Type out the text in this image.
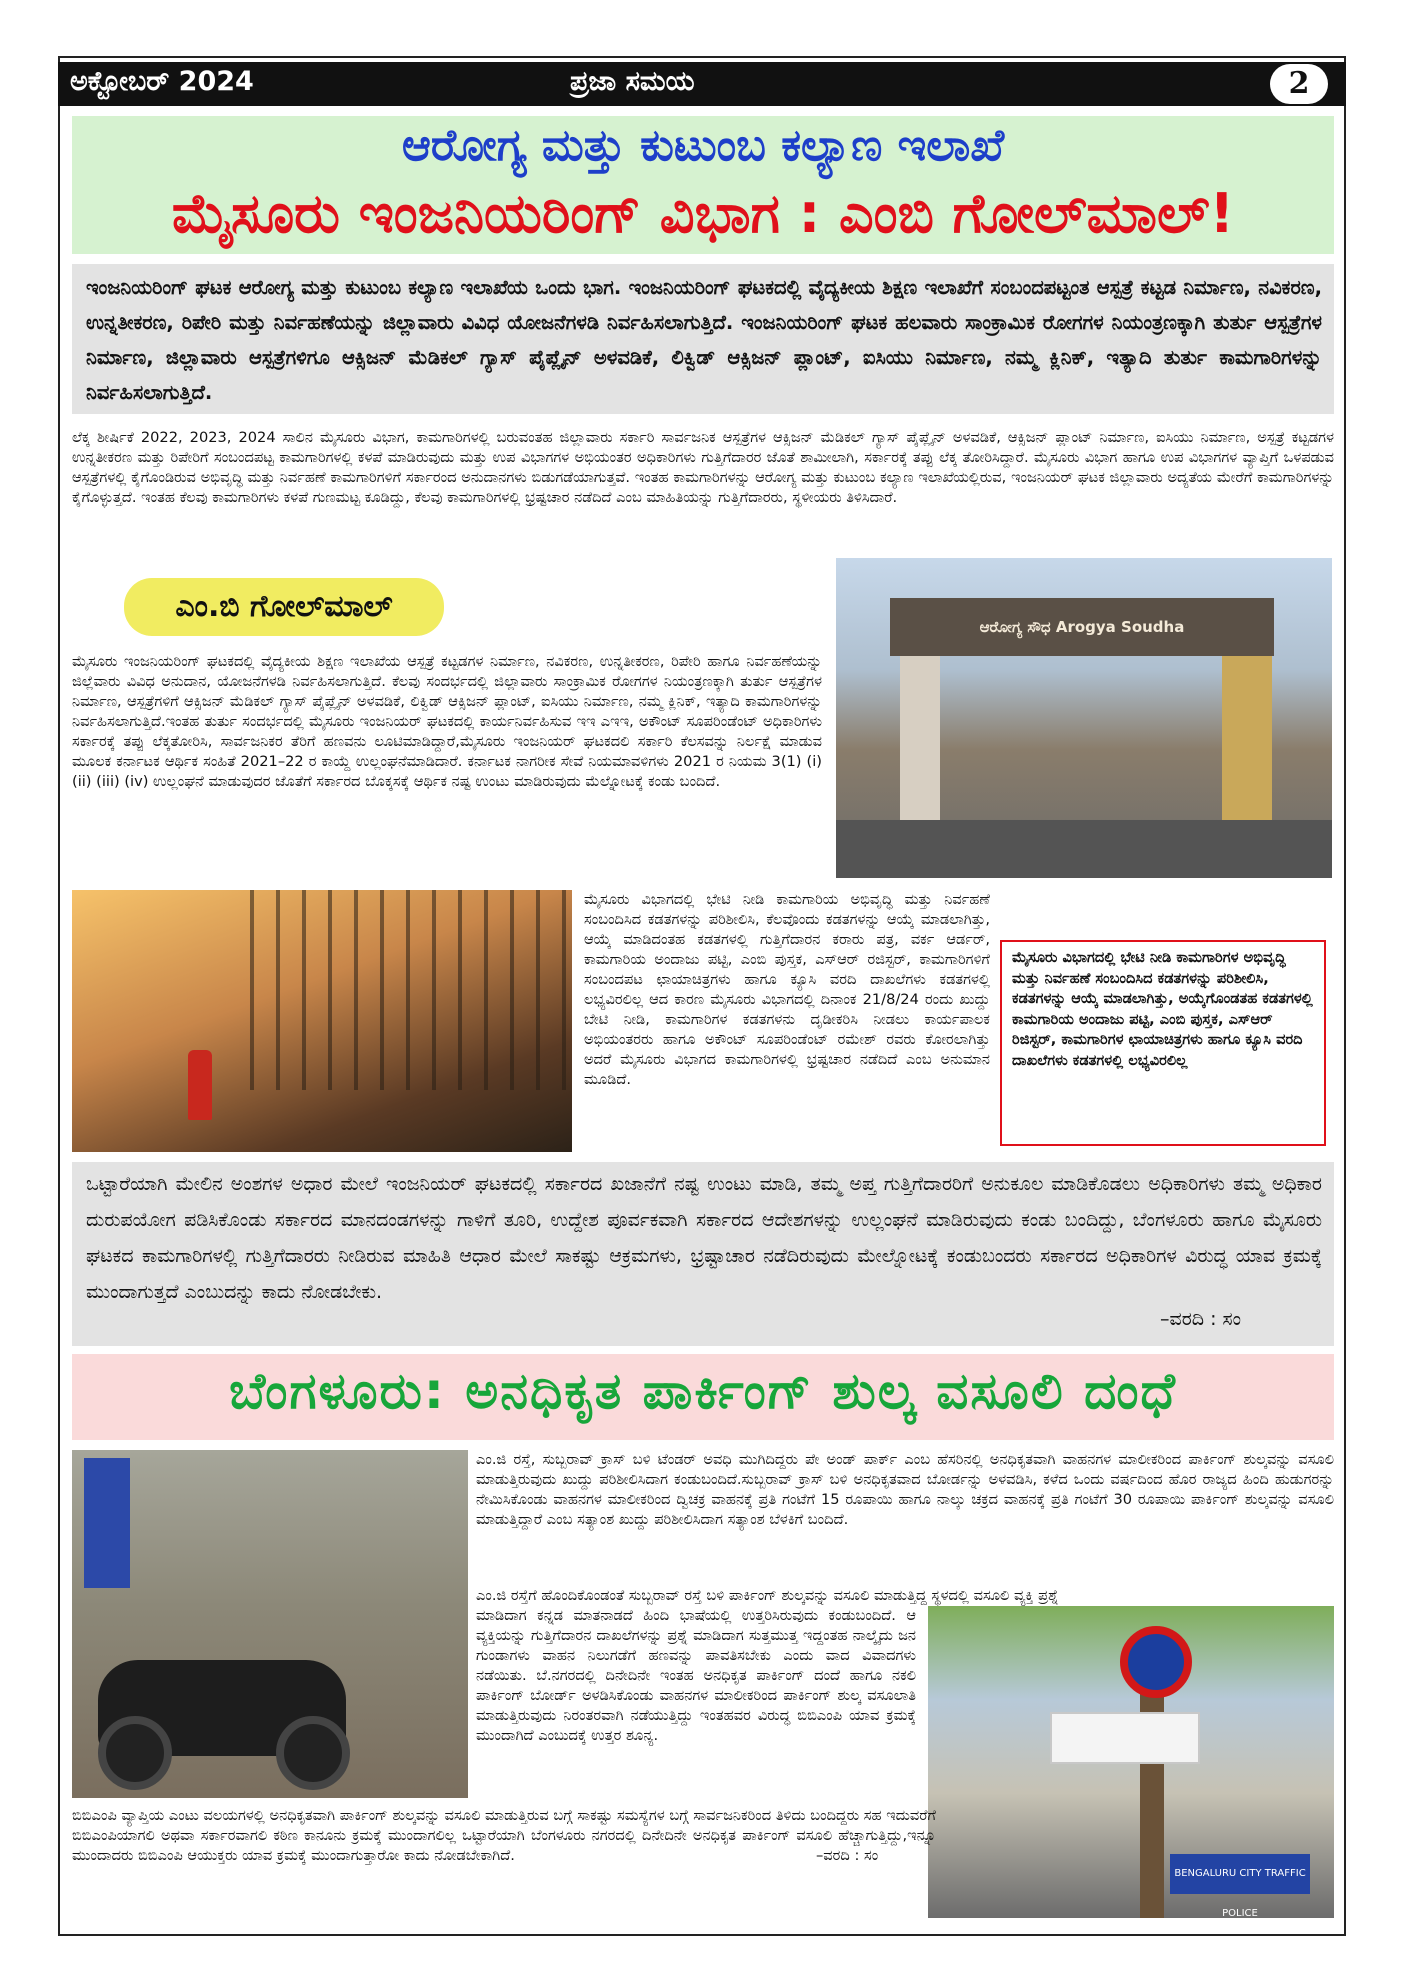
ಅಕ್ಟೋಬರ್ 2024	ಪ್ರಜಾ ಸಮಯ	2
ಆರೋಗ್ಯ ಮತ್ತು ಕುಟುಂಬ ಕಲ್ಯಾಣ ಇಲಾಖೆ
ಮೈಸೂರು ಇಂಜನಿಯರಿಂಗ್ ವಿಭಾಗ : ಎಂಬಿ ಗೋಲ್‌ಮಾಲ್!
ಇಂಜನಿಯರಿಂಗ್ ಘಟಕ ಆರೋಗ್ಯ ಮತ್ತು ಕುಟುಂಬ ಕಲ್ಯಾಣ ಇಲಾಖೆಯ ಒಂದು ಭಾಗ. ಇಂಜನಿಯರಿಂಗ್ ಘಟಕದಲ್ಲಿ ವೈದ್ಯಕೀಯ ಶಿಕ್ಷಣ ಇಲಾಖೆಗೆ ಸಂಬಂದಪಟ್ಟಂತ ಆಸ್ಪತ್ರೆ ಕಟ್ಟಡ ನಿರ್ಮಾಣ, ನವಿಕರಣ, ಉನ್ನತೀಕರಣ, ರಿಪೇರಿ ಮತ್ತು ನಿರ್ವಹಣೆಯನ್ನು ಜಿಲ್ಲಾವಾರು ವಿವಿಧ ಯೋಜನೆಗಳಡಿ ನಿರ್ವಹಿಸಲಾಗುತ್ತಿದೆ. ಇಂಜನಿಯರಿಂಗ್ ಘಟಕ ಹಲವಾರು ಸಾಂಕ್ರಾಮಿಕ ರೋಗಗಳ ನಿಯಂತ್ರಣಕ್ಕಾಗಿ ತುರ್ತು ಆಸ್ಪತ್ರೆಗಳ ನಿರ್ಮಾಣ, ಜಿಲ್ಲಾವಾರು ಆಸ್ಪತ್ರೆಗಳಿಗೂ ಆಕ್ಸಿಜನ್ ಮೆಡಿಕಲ್ ಗ್ಯಾಸ್ ಪೈಪ್ಲೈನ್ ಅಳವಡಿಕೆ, ಲಿಕ್ವಿಡ್ ಆಕ್ಸಿಜನ್ ಪ್ಲಾಂಟ್, ಐಸಿಯು ನಿರ್ಮಾಣ, ನಮ್ಮ ಕ್ಲಿನಿಕ್, ಇತ್ಯಾದಿ ತುರ್ತು ಕಾಮಗಾರಿಗಳನ್ನು ನಿರ್ವಹಿಸಲಾಗುತ್ತಿದೆ.
ಲೆಕ್ಕ ಶೀರ್ಷಿಕೆ 2022, 2023, 2024 ಸಾಲಿನ ಮೈಸೂರು ವಿಭಾಗ, ಕಾಮಗಾರಿಗಳಲ್ಲಿ ಬರುವಂತಹ ಜಿಲ್ಲಾವಾರು ಸರ್ಕಾರಿ ಸಾರ್ವಜನಿಕ ಆಸ್ಪತ್ರೆಗಳ ಆಕ್ಸಿಜನ್ ಮೆಡಿಕಲ್ ಗ್ಯಾಸ್ ಪೈಪ್ಲೈನ್ ಅಳವಡಿಕೆ, ಆಕ್ಸಿಜನ್ ಪ್ಲಾಂಟ್ ನಿರ್ಮಾಣ, ಐಸಿಯು ನಿರ್ಮಾಣ, ಅಸ್ಪತ್ರೆ ಕಟ್ಟಡಗಳ ಉನ್ನತೀಕರಣ ಮತ್ತು ರಿಪೇರಿಗೆ ಸಂಬಂದಪಟ್ಟ ಕಾಮಗಾರಿಗಳಲ್ಲಿ ಕಳಪೆ ಮಾಡಿರುವುದು ಮತ್ತು ಉಪ ವಿಭಾಗಗಳ ಅಭಿಯಂತರ ಅಧಿಕಾರಿಗಳು ಗುತ್ತಿಗೆದಾರರ ಜೊತೆ ಶಾಮೀಲಾಗಿ, ಸರ್ಕಾರಕ್ಕೆ ತಪ್ಪು ಲೆಕ್ಕ ತೋರಿಸಿದ್ದಾರೆ. ಮೈಸೂರು ವಿಭಾಗ ಹಾಗೂ ಉಪ ವಿಭಾಗಗಳ ವ್ಯಾಪ್ತಿಗೆ ಒಳಪಡುವ ಆಸ್ಪತ್ರೆಗಳಲ್ಲಿ ಕೈಗೊಂಡಿರುವ ಅಭಿವೃದ್ಧಿ ಮತ್ತು ನಿರ್ವಹಣೆ ಕಾಮಗಾರಿಗಳಿಗೆ ಸರ್ಕಾರಂದ ಅನುದಾನಗಳು ಬಿಡುಗಡೆಯಾಗುತ್ತವೆ. ಇಂತಹ ಕಾಮಗಾರಿಗಳನ್ನು ಆರೋಗ್ಯ ಮತ್ತು ಕುಟುಂಬ ಕಲ್ಯಾಣ ಇಲಾಖೆಯಲ್ಲಿರುವ, ಇಂಜನಿಯರ್ ಘಟಕ ಜಿಲ್ಲಾವಾರು ಅದ್ಯತೆಯ ಮೇರೆಗೆ ಕಾಮಗಾರಿಗಳನ್ನು ಕೈಗೊಳ್ಳುತ್ತದೆ. ಇಂತಹ ಕೆಲವು ಕಾಮಗಾರಿಗಳು ಕಳಪೆ ಗುಣಮಟ್ಟ ಕೂಡಿದ್ದು, ಕೆಲವು ಕಾಮಗಾರಿಗಳಲ್ಲಿ ಭ್ರಷ್ಟಚಾರ ನಡೆದಿದೆ ಎಂಬ ಮಾಹಿತಿಯನ್ನು ಗುತ್ತಿಗೆದಾರರು, ಸ್ಥಳೀಯರು ತಿಳಿಸಿದಾರೆ.
ಎಂ.ಬಿ ಗೋಲ್‌ಮಾಲ್
ಮೈಸೂರು ಇಂಜನಿಯರಿಂಗ್ ಘಟಕದಲ್ಲಿ ವೈದ್ಯಕೀಯ ಶಿಕ್ಷಣ ಇಲಾಖೆಯ ಆಸ್ಪತ್ರೆ ಕಟ್ಟಡಗಳ ನಿರ್ಮಾಣ, ನವಿಕರಣ, ಉನ್ನತೀಕರಣ, ರಿಪೇರಿ ಹಾಗೂ ನಿರ್ವಹಣೆಯನ್ನು ಜಿಲ್ಲೆವಾರು ವಿವಿಧ ಅನುದಾನ, ಯೋಜನೆಗಳಡಿ ನಿರ್ವಹಿಸಲಾಗುತ್ತಿದೆ. ಕೆಲವು ಸಂದರ್ಭದಲ್ಲಿ ಜಿಲ್ಲಾವಾರು ಸಾಂಕ್ರಾಮಿಕ ರೋಗಗಳ ನಿಯಂತ್ರಣಕ್ಕಾಗಿ ತುರ್ತು ಆಸ್ಪತ್ರೆಗಳ ನಿರ್ಮಾಣ, ಆಸ್ಪತ್ರೆಗಳಿಗೆ ಆಕ್ಸಿಜನ್ ಮೆಡಿಕಲ್ ಗ್ಯಾಸ್ ಪೈಪ್ಲೈನ್ ಅಳವಡಿಕೆ, ಲಿಕ್ವಿಡ್ ಆಕ್ಸಿಜನ್ ಪ್ಲಾಂಟ್, ಐಸಿಯು ನಿರ್ಮಾಣ, ನಮ್ಮ ಕ್ಲಿನಿಕ್, ಇತ್ಯಾದಿ ಕಾಮಗಾರಿಗಳನ್ನು ನಿರ್ವಹಿಸಲಾಗುತ್ತಿದೆ.ಇಂತಹ ತುರ್ತು ಸಂದರ್ಭದಲ್ಲಿ ಮೈಸೂರು ಇಂಜನಿಯರ್ ಘಟಕದಲ್ಲಿ ಕಾರ್ಯನಿರ್ವಹಿಸುವ ಇಇ ಎಇಇ, ಅಕೌಂಟ್ ಸೂಪರಿಂಡೆಂಟ್ ಅಧಿಕಾರಿಗಳು ಸರ್ಕಾರಕ್ಕೆ ತಪ್ಪು ಲೆಕ್ಕತೋರಿಸಿ, ಸಾರ್ವಜನಿಕರ ತೆರಿಗೆ ಹಣವನು ಲೂಟಿಮಾಡಿದ್ದಾರೆ,ಮೈಸೂರು ಇಂಜನಿಯರ್ ಘಟಕದಲಿ ಸರ್ಕಾರಿ ಕೆಲಸವನ್ನು ನಿರ್ಲಕ್ಷೆ ಮಾಡುವ ಮೂಲಕ ಕರ್ನಾಟಕ ಆರ್ಥಿಕ ಸಂಹಿತೆ 2021–22 ರ ಕಾಯ್ದೆ ಉಲ್ಲಂಘನೆಮಾಡಿದಾರೆ. ಕರ್ನಾಟಕ ನಾಗರೀಕ ಸೇವೆ ನಿಯಮಾವಳಿಗಳು 2021 ರ ನಿಯಮ 3(1) (i) (ii) (iii) (iv) ಉಲ್ಲಂಘನೆ ಮಾಡುವುದರ ಜೊತೆಗೆ ಸರ್ಕಾರದ ಬೊಕ್ಕಸಕ್ಕೆ ಆರ್ಥಿಕ ನಷ್ಟ ಉಂಟು ಮಾಡಿರುವುದು ಮೆಲ್ನೋಟಕ್ಕೆ ಕಂಡು ಬಂದಿದೆ.
ಆರೋಗ್ಯ ಸೌಧ Arogya Soudha
ಮೈಸೂರು ವಿಭಾಗದಲ್ಲಿ ಭೇಟಿ ನೀಡಿ ಕಾಮಗಾರಿಯ ಅಭಿವೃದ್ಧಿ ಮತ್ತು ನಿರ್ವಹಣೆ ಸಂಬಂದಿಸಿದ ಕಡತಗಳನ್ನು ಪರಿಶೀಲಿಸಿ, ಕೆಲವೊಂದು ಕಡತಗಳನ್ನು ಆಯ್ಕೆ ಮಾಡಲಾಗಿತ್ತು, ಆಯ್ಕೆ ಮಾಡಿದಂತಹ ಕಡತಗಳಲ್ಲಿ ಗುತ್ತಿಗೆದಾರನ ಕರಾರು ಪತ್ರ, ವರ್ಕ ಆರ್ಡರ್, ಕಾಮಗಾರಿಯ ಅಂದಾಜು ಪಟ್ಟಿ, ಎಂಬಿ ಪುಸ್ತಕ, ಎಸ್ಆರ್ ರಜಿಸ್ಟರ್, ಕಾಮಗಾರಿಗಳಿಗೆ ಸಂಬಂದಪಟ ಛಾಯಾಚಿತ್ರಗಳು ಹಾಗೂ ಕ್ಯೂಸಿ ವರದಿ ದಾಖಲೆಗಳು ಕಡತಗಳಲ್ಲಿ ಲಭ್ಯವಿರಲಿಲ್ಲ ಆದ ಕಾರಣ ಮೈಸೂರು ವಿಭಾಗದಲ್ಲಿ ದಿನಾಂಕ 21/8/24 ರಂದು ಖುದ್ದು ಬೇಟಿ ನೀಡಿ, ಕಾಮಗಾರಿಗಳ ಕಡತಗಳನು ದೃಡೀಕರಿಸಿ ನೀಡಲು ಕಾರ್ಯಪಾಲಕ ಅಭಿಯಂತರರು ಹಾಗೂ ಅಕೌಂಟ್ ಸೂಪರಿಂಡೆಂಟ್ ರಮೇಶ್ ರವರು ಕೋರಲಾಗಿತ್ತು ಅದರೆ ಮೈಸೂರು ವಿಭಾಗದ ಕಾಮಗಾರಿಗಳಲ್ಲಿ ಭ್ರಷ್ಟಚಾರ ನಡೆದಿದೆ ಎಂಬ ಅನುಮಾನ ಮೂಡಿದೆ.
ಮೈಸೂರು ವಿಭಾಗದಲ್ಲಿ ಭೇಟಿ ನೀಡಿ ಕಾಮಗಾರಿಗಳ ಅಭಿವೃದ್ಧಿ ಮತ್ತು ನಿರ್ವಹಣೆ ಸಂಬಂದಿಸಿದ ಕಡತಗಳನ್ನು ಪರಿಶೀಲಿಸಿ, ಕಡತಗಳನ್ನು ಆಯ್ಕೆ ಮಾಡಲಾಗಿತ್ತು, ಅಯ್ಕೆಗೊಂಡತಹ ಕಡತಗಳಲ್ಲಿ ಕಾಮಗಾರಿಯ ಅಂದಾಜು ಪಟ್ಟಿ, ಎಂಬಿ ಪುಸ್ತಕ, ಎಸ್ಆರ್ ರಿಜಿಸ್ಟರ್, ಕಾಮಗಾರಿಗಳ ಛಾಯಾಚಿತ್ರಗಳು ಹಾಗೂ ಕ್ಯೂಸಿ ವರದಿ ದಾಖಲೆಗಳು ಕಡತಗಳಲ್ಲಿ ಲಭ್ಯವಿರಲಿಲ್ಲ
ಒಟ್ಟಾರೆಯಾಗಿ ಮೇಲಿನ ಅಂಶಗಳ ಅಧಾರ ಮೇಲೆ ಇಂಜನಿಯರ್ ಘಟಕದಲ್ಲಿ ಸರ್ಕಾರದ ಖಜಾನೆಗೆ ನಷ್ಟ ಉಂಟು ಮಾಡಿ, ತಮ್ಮ ಅಪ್ತ ಗುತ್ತಿಗೆದಾರರಿಗೆ ಅನುಕೂಲ ಮಾಡಿಕೊಡಲು ಅಧಿಕಾರಿಗಳು ತಮ್ಮ ಅಧಿಕಾರ ದುರುಪಯೋಗ ಪಡಿಸಿಕೊಂಡು ಸರ್ಕಾರದ ಮಾನದಂಡಗಳನ್ನು ಗಾಳಿಗೆ ತೂರಿ, ಉದ್ದೇಶ ಪೂರ್ವಕವಾಗಿ ಸರ್ಕಾರದ ಆದೇಶಗಳನ್ನು ಉಲ್ಲಂಘನೆ ಮಾಡಿರುವುದು ಕಂಡು ಬಂದಿದ್ದು, ಬೆಂಗಳೂರು ಹಾಗೂ ಮೈಸೂರು ಘಟಕದ ಕಾಮಗಾರಿಗಳಲ್ಲಿ ಗುತ್ತಿಗೆದಾರರು ನೀಡಿರುವ ಮಾಹಿತಿ ಆಧಾರ ಮೇಲೆ ಸಾಕಷ್ಟು ಆಕ್ರಮಗಳು, ಭ್ರಷ್ಟಾಚಾರ ನಡೆದಿರುವುದು ಮೇಲ್ನೋಟಕ್ಕೆ ಕಂಡುಬಂದರು ಸರ್ಕಾರದ ಅಧಿಕಾರಿಗಳ ವಿರುದ್ಧ ಯಾವ ಕ್ರಮಕ್ಕೆ ಮುಂದಾಗುತ್ತದೆ ಎಂಬುದನ್ನು ಕಾದು ನೋಡಬೇಕು.
–ವರದಿ : ಸಂ
ಬೆಂಗಳೂರು: ಅನಧಿಕೃತ ಪಾರ್ಕಿಂಗ್ ಶುಲ್ಕ ವಸೂಲಿ ದಂಧೆ
ಎಂ.ಜಿ ರಸ್ತೆ, ಸುಬ್ಬರಾವ್ ಕ್ರಾಸ್ ಬಳಿ ಟೆಂಡರ್ ಅವಧಿ ಮುಗಿದಿದ್ದರು ಪೇ ಅಂಡ್ ಪಾರ್ಕ್ ಎಂಬ ಹೆಸರಿನಲ್ಲಿ ಅನಧಿಕೃತವಾಗಿ ವಾಹನಗಳ ಮಾಲೀಕರಿಂದ ಪಾರ್ಕಿಂಗ್ ಶುಲ್ಕವನ್ನು ವಸೂಲಿ ಮಾಡುತ್ತಿರುವುದು ಖುದ್ದು ಪರಿಶೀಲಿಸಿದಾಗ ಕಂಡುಬಂದಿದೆ.ಸುಬ್ಬರಾವ್ ಕ್ರಾಸ್ ಬಳಿ ಅನಧಿಕೃತವಾದ ಬೋರ್ಡನ್ನು ಅಳವಡಿಸಿ, ಕಳೆದ ಒಂದು ವರ್ಷದಿಂದ ಹೊರ ರಾಜ್ಯದ ಹಿಂದಿ ಹುಡುಗರನ್ನು ನೇಮಿಸಿಕೊಂಡು ವಾಹನಗಳ ಮಾಲೀಕರಿಂದ ದ್ವಿಚಕ್ರ ವಾಹನಕ್ಕೆ ಪ್ರತಿ ಗಂಟೆಗೆ 15 ರೂಪಾಯಿ ಹಾಗೂ ನಾಲ್ಕು ಚಕ್ರದ ವಾಹನಕ್ಕೆ ಪ್ರತಿ ಗಂಟೆಗೆ 30 ರೂಪಾಯಿ ಪಾರ್ಕಿಂಗ್ ಶುಲ್ಕವನ್ನು ವಸೂಲಿ ಮಾಡುತ್ತಿದ್ದಾರೆ ಎಂಬ ಸತ್ಯಾಂಶ ಖುದ್ದು ಪರಿಶೀಲಿಸಿದಾಗ ಸತ್ಯಾಂಶ ಬೆಳಕಿಗೆ ಬಂದಿದೆ.
ಎಂ.ಜಿ ರಸ್ತೆಗೆ ಹೊಂದಿಕೊಂಡಂತೆ ಸುಬ್ಬರಾವ್ ರಸ್ತೆ ಬಳಿ ಪಾರ್ಕಿಂಗ್ ಶುಲ್ಕವನ್ನು ವಸೂಲಿ ಮಾಡುತ್ತಿದ್ದ ಸ್ಥಳದಲ್ಲಿ ವಸೂಲಿ ವ್ಯಕ್ತಿ ಪ್ರಶ್ನೆ
ಮಾಡಿದಾಗ ಕನ್ನಡ ಮಾತನಾಡದೆ ಹಿಂದಿ ಭಾಷೆಯಲ್ಲಿ ಉತ್ತರಿಸಿರುವುದು ಕಂಡುಬಂದಿದೆ. ಆ ವ್ಯಕ್ತಿಯನ್ನು ಗುತ್ತಿಗೆದಾರನ ದಾಖಲೆಗಳನ್ನು ಪ್ರಶ್ನೆ ಮಾಡಿದಾಗ ಸುತ್ತಮುತ್ತ ಇದ್ದಂತಹ ನಾಲ್ಕೈದು ಜನ ಗುಂಡಾಗಳು ವಾಹನ ನಿಲುಗಡೆಗೆ ಹಣವನ್ನು ಪಾವತಿಸಬೇಕು ಎಂದು ವಾದ ವಿವಾದಗಳು ನಡೆಯಿತು. ಬೆ.ನಗರದಲ್ಲಿ ದಿನೇದಿನೇ ಇಂತಹ ಅನಧಿಕೃತ ಪಾರ್ಕಿಂಗ್ ದಂದೆ ಹಾಗೂ ನಕಲಿ ಪಾರ್ಕಿಂಗ್ ಬೋರ್ಡ್ ಅಳಡಿಸಿಕೊಂಡು ವಾಹನಗಳ ಮಾಲೀಕರಿಂದ ಪಾರ್ಕಿಂಗ್ ಶುಲ್ಕ ವಸೂಲಾತಿ ಮಾಡುತ್ತಿರುವುದು ನಿರಂತರವಾಗಿ ನಡೆಯುತ್ತಿದ್ದು ಇಂತಹವರ ವಿರುದ್ಧ ಬಿಬಿಎಂಪಿ ಯಾವ ಕ್ರಮಕ್ಕೆ ಮುಂದಾಗಿದೆ ಎಂಬುದಕ್ಕೆ ಉತ್ತರ ಶೂನ್ಯ.
BENGALURU CITY TRAFFIC POLICE
ಬಿಬಿಎಂಪಿ ವ್ಯಾಪ್ತಿಯ ಎಂಟು ವಲಯಗಳಲ್ಲಿ ಅನಧಿಕೃತವಾಗಿ ಪಾರ್ಕಿಂಗ್ ಶುಲ್ಕವನ್ನು ವಸೂಲಿ ಮಾಡುತ್ತಿರುವ ಬಗ್ಗೆ ಸಾಕಷ್ಟು ಸಮಸ್ಯೆಗಳ ಬಗ್ಗೆ ಸಾರ್ವಜನಿಕರಿಂದ ತಿಳಿದು ಬಂದಿದ್ದರು ಸಹ ಇದುವರೆಗೆ ಬಿಬಿಎಂಪಿಯಾಗಲಿ ಅಥವಾ ಸರ್ಕಾರವಾಗಲಿ ಕಠಿಣ ಕಾನೂನು ಕ್ರಮಕ್ಕೆ ಮುಂದಾಗಲಿಲ್ಲ ಒಟ್ಟಾರೆಯಾಗಿ ಬೆಂಗಳೂರು ನಗರದಲ್ಲಿ ದಿನೇದಿನೇ ಅನಧಿಕೃತ ಪಾರ್ಕಿಂಗ್ ವಸೂಲಿ ಹೆಚ್ಚಾಗುತ್ತಿದ್ದು,ಇನ್ನೂ ಮುಂದಾದರು ಬಿಬಿಎಂಪಿ ಆಯುಕ್ತರು ಯಾವ ಕ್ರಮಕ್ಕೆ ಮುಂದಾಗುತ್ತಾರೋ ಕಾದು ನೋಡಬೇಕಾಗಿದೆ.	–ವರದಿ : ಸಂ
